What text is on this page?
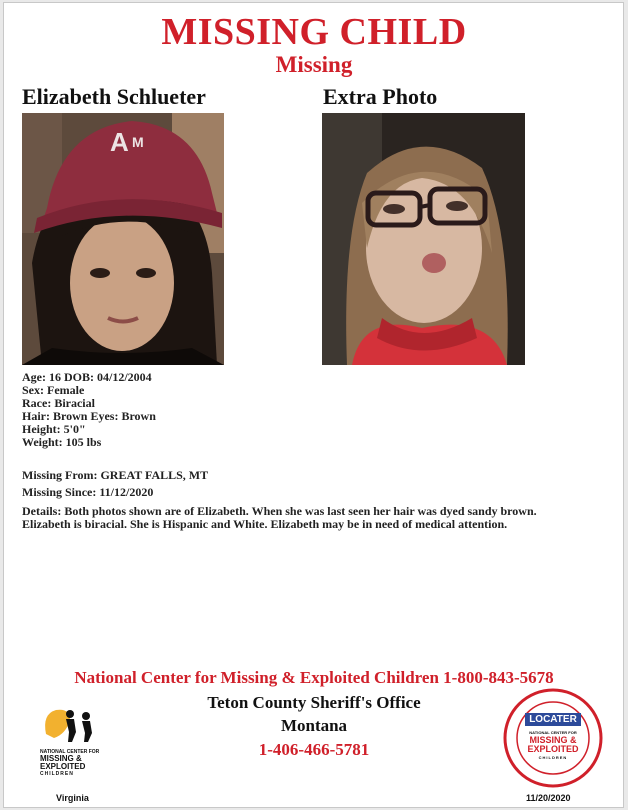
MISSING CHILD
Missing
Elizabeth Schlueter	Extra Photo
A M
Age: 16 DOB: 04/12/2004
Sex: Female
Race: Biracial
Hair: Brown Eyes: Brown
Height: 5'0"
Weight: 105 lbs
Missing From: GREAT FALLS, MT
Missing Since: 11/12/2020
Details: Both photos shown are of Elizabeth. When she was last seen her hair was dyed sandy brown.
Elizabeth is biracial. She is Hispanic and White. Elizabeth may be in need of medical attention.
National Center for Missing & Exploited Children 1-800-843-5678
Teton County Sheriff's Office
Montana
1-406-466-5781
NATIONAL CENTER FOR
MISSING &
EXPLOITED
CHILDREN
LOCATER
NATIONAL CENTER FOR
MISSING &
EXPLOITED
CHILDREN
Virginia	11/20/2020
